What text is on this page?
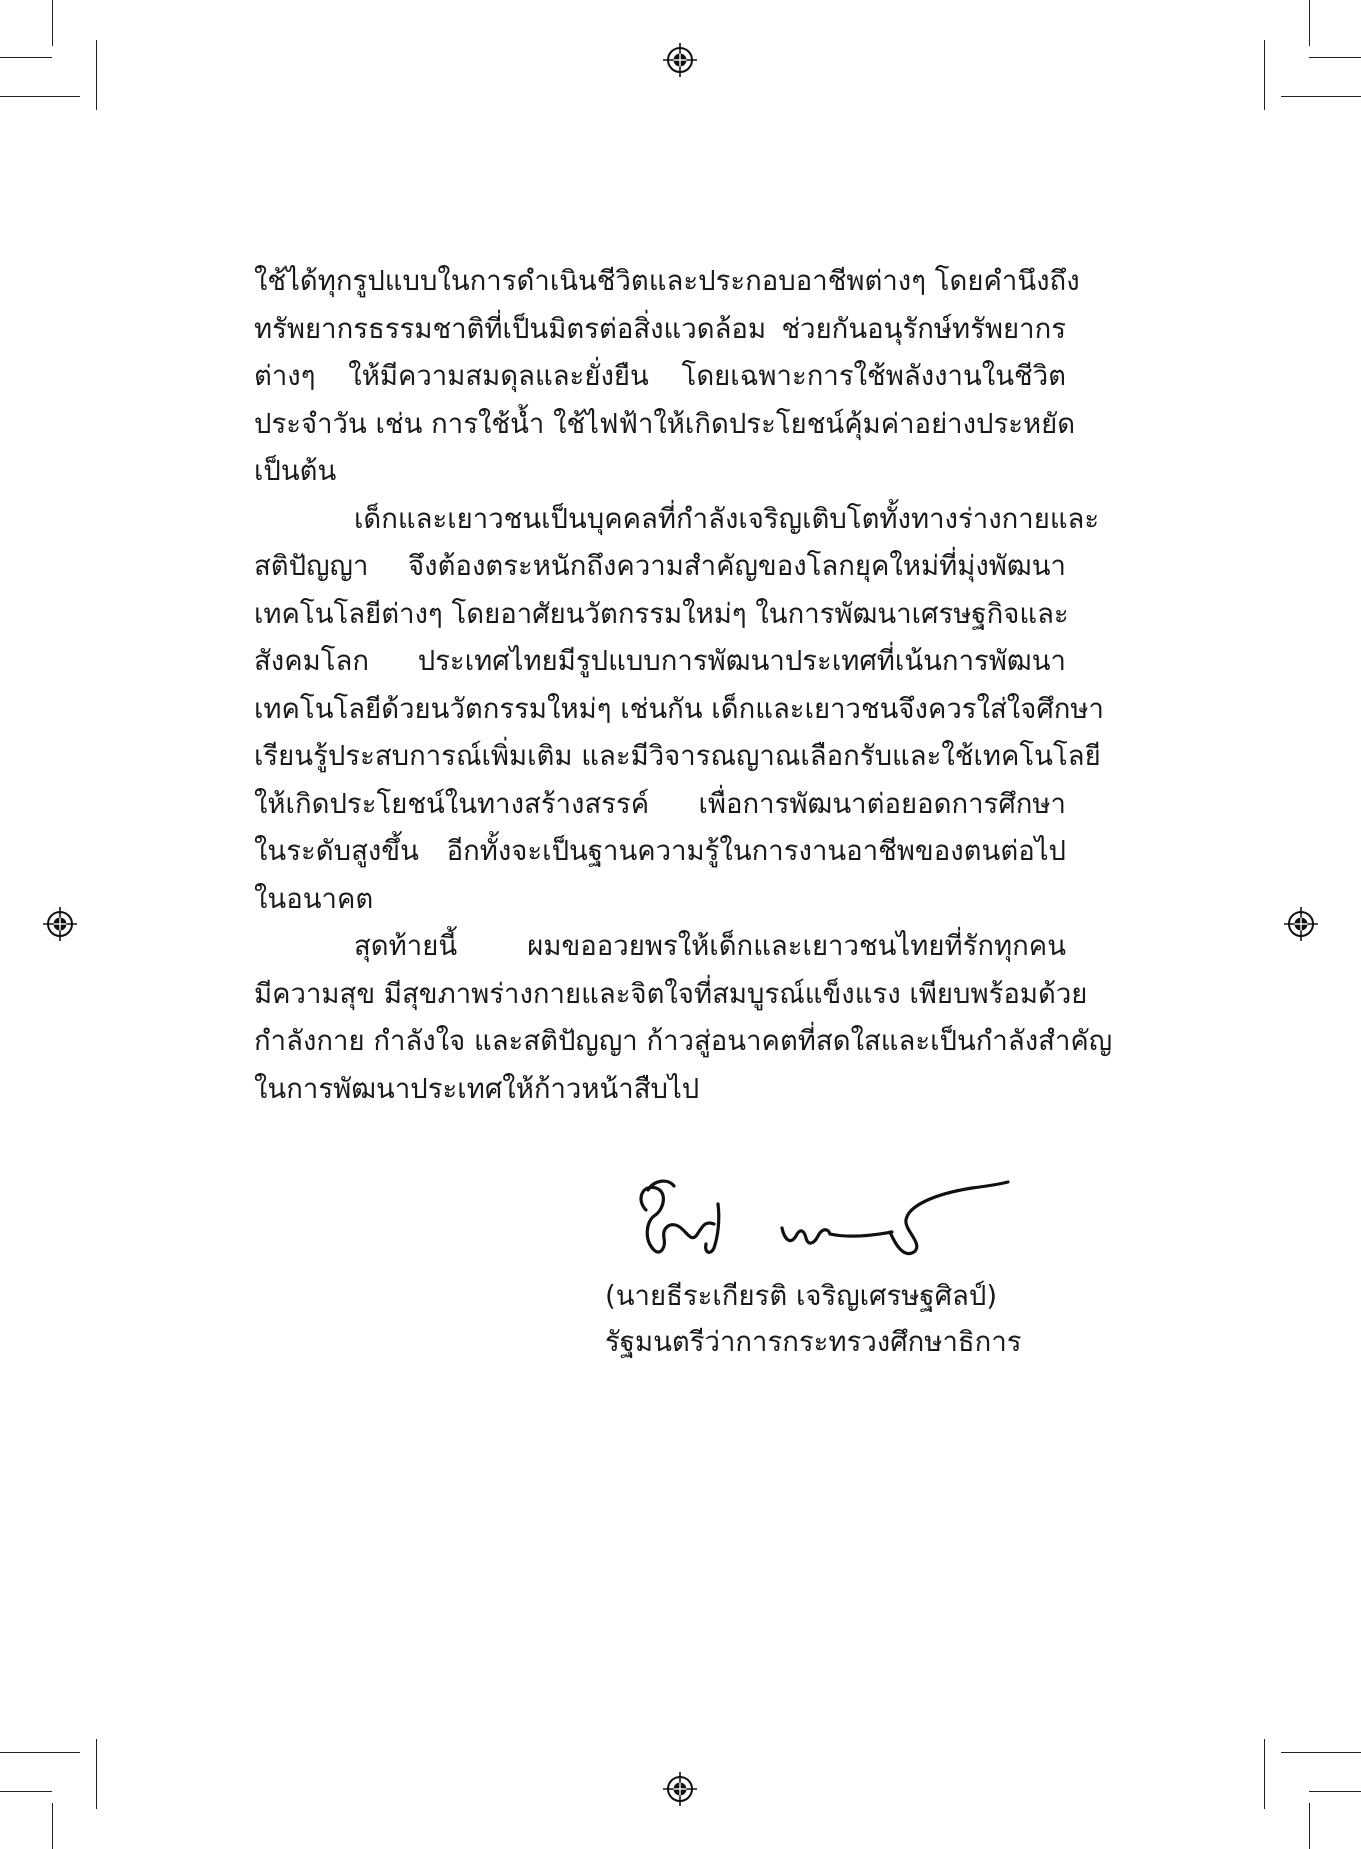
ใช้ได้ทุกรูปแบบในการดำเนินชีวิตและประกอบอาชีพต่างๆ โดยคำนึงถึง
ทรัพยากรธรรมชาติที่เป็นมิตรต่อสิ่งแวดล้อม ช่วยกันอนุรักษ์ทรัพยากร
ต่างๆ ให้มีความสมดุลและยั่งยืน โดยเฉพาะการใช้พลังงานในชีวิต
ประจำวัน เช่น การใช้น้ำ ใช้ไฟฟ้าให้เกิดประโยชน์คุ้มค่าอย่างประหยัด
เป็นต้น
เด็กและเยาวชนเป็นบุคคลที่กำลังเจริญเติบโตทั้งทางร่างกายและ
สติปัญญา จึงต้องตระหนักถึงความสำคัญของโลกยุคใหม่ที่มุ่งพัฒนา
เทคโนโลยีต่างๆ โดยอาศัยนวัตกรรมใหม่ๆ ในการพัฒนาเศรษฐกิจและ
สังคมโลก ประเทศไทยมีรูปแบบการพัฒนาประเทศที่เน้นการพัฒนา
เทคโนโลยีด้วยนวัตกรรมใหม่ๆ เช่นกัน เด็กและเยาวชนจึงควรใส่ใจศึกษา
เรียนรู้ประสบการณ์เพิ่มเติม และมีวิจารณญาณเลือกรับและใช้เทคโนโลยี
ให้เกิดประโยชน์ในทางสร้างสรรค์ เพื่อการพัฒนาต่อยอดการศึกษา
ในระดับสูงขึ้น อีกทั้งจะเป็นฐานความรู้ในการงานอาชีพของตนต่อไป
ในอนาคต
สุดท้ายนี้ ผมขออวยพรให้เด็กและเยาวชนไทยที่รักทุกคน
มีความสุข มีสุขภาพร่างกายและจิตใจที่สมบูรณ์แข็งแรง เพียบพร้อมด้วย
กำลังกาย กำลังใจ และสติปัญญา ก้าวสู่อนาคตที่สดใสและเป็นกำลังสำคัญ
ในการพัฒนาประเทศให้ก้าวหน้าสืบไป
(นายธีระเกียรติ เจริญเศรษฐศิลป์)
รัฐมนตรีว่าการกระทรวงศึกษาธิการ
